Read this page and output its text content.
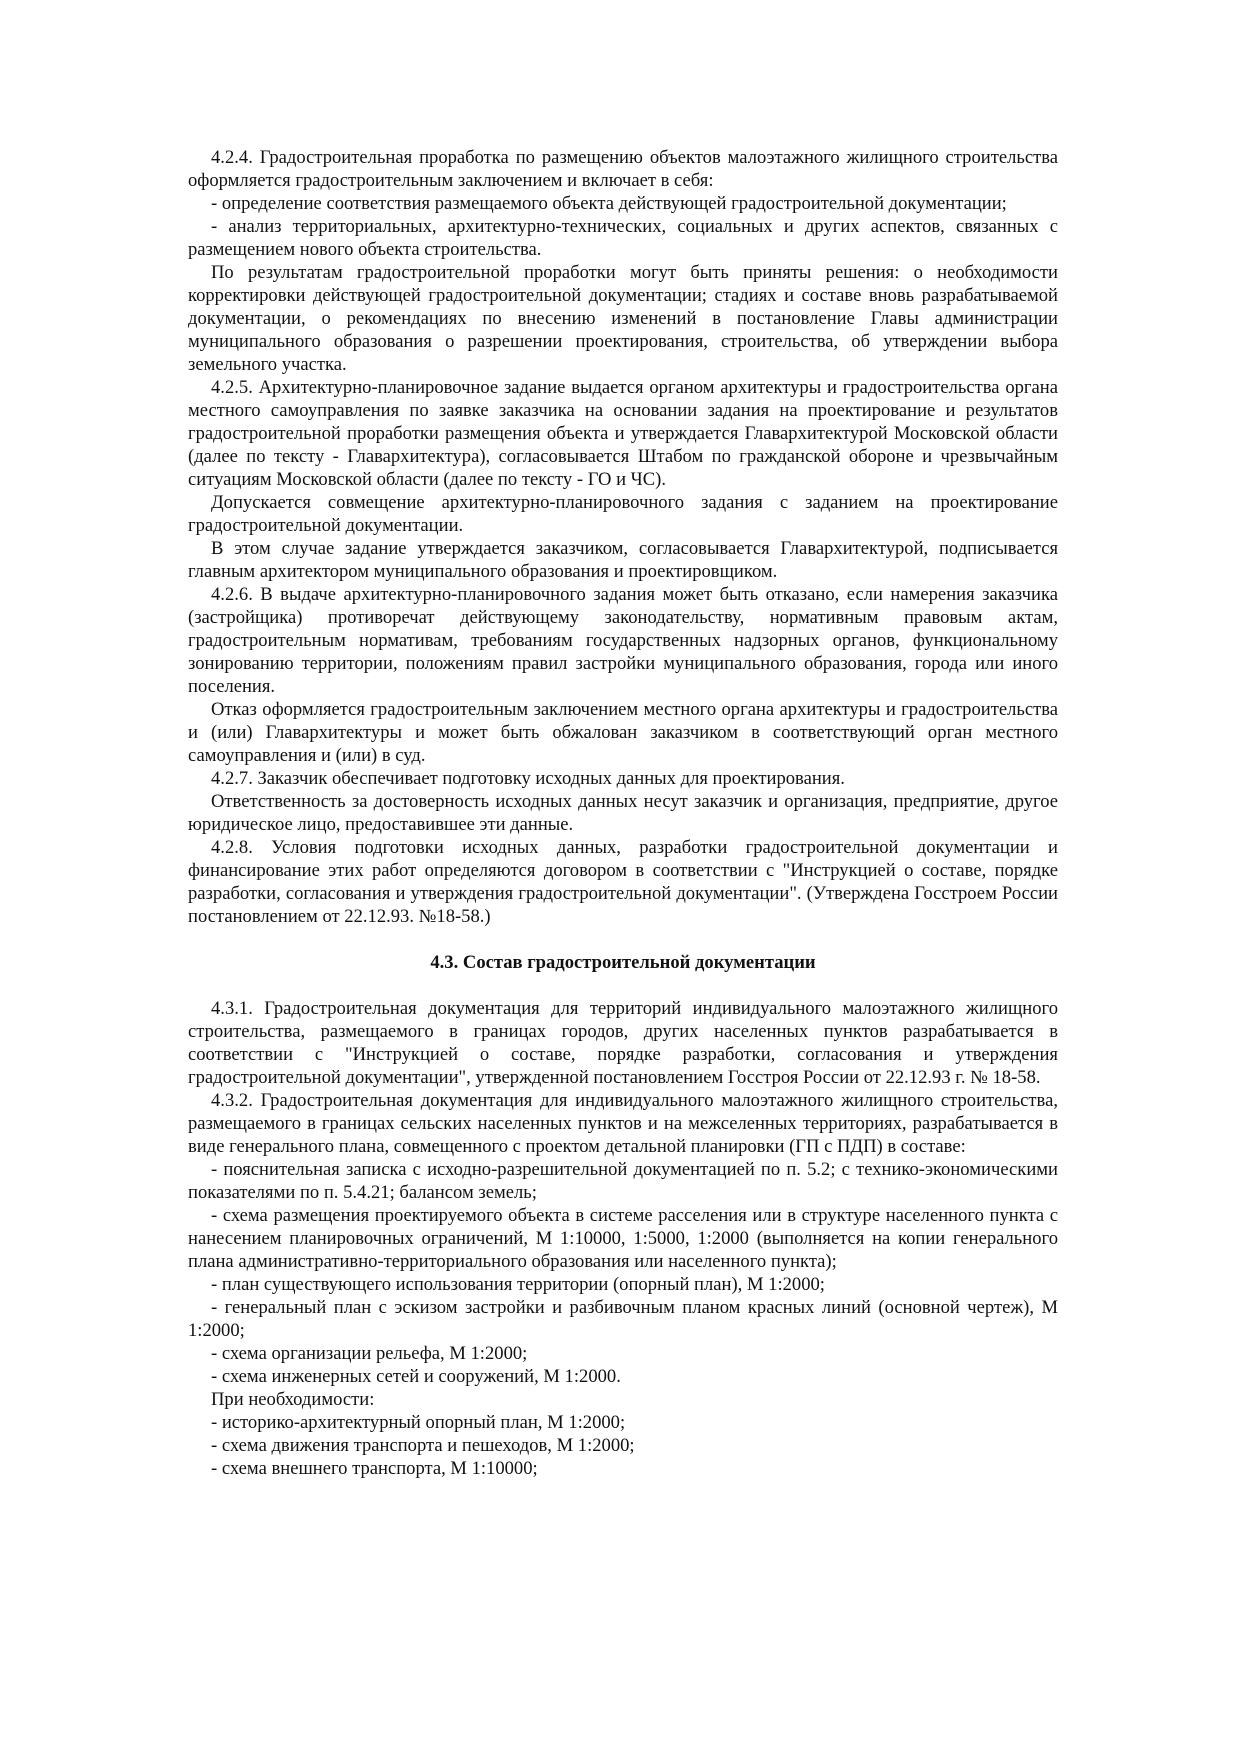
4.2.4. Градостроительная проработка по размещению объектов малоэтажного жилищного строительства оформляется градостроительным заключением и включает в себя:

- определение соответствия размещаемого объекта действующей градостроительной документации;

- анализ территориальных, архитектурно-технических, социальных и других аспектов, связанных с размещением нового объекта строительства.

По результатам градостроительной проработки могут быть приняты решения: о необходимости корректировки действующей градостроительной документации; стадиях и составе вновь разрабатываемой документации, о рекомендациях по внесению изменений в постановление Главы администрации муниципального образования о разрешении проектирования, строительства, об утверждении выбора земельного участка.

4.2.5. Архитектурно-планировочное задание выдается органом архитектуры и градостроительства органа местного самоуправления по заявке заказчика на основании задания на проектирование и результатов градостроительной проработки размещения объекта и утверждается Главархитектурой Московской области (далее по тексту - Главархитектура), согласовывается Штабом по гражданской обороне и чрезвычайным ситуациям Московской области (далее по тексту - ГО и ЧС).

Допускается совмещение архитектурно-планировочного задания с заданием на проектирование градостроительной документации.

В этом случае задание утверждается заказчиком, согласовывается Главархитектурой, подписывается главным архитектором муниципального образования и проектировщиком.

4.2.6. В выдаче архитектурно-планировочного задания может быть отказано, если намерения заказчика (застройщика) противоречат действующему законодательству, нормативным правовым актам, градостроительным нормативам, требованиям государственных надзорных органов, функциональному зонированию территории, положениям правил застройки муниципального образования, города или иного поселения.

Отказ оформляется градостроительным заключением местного органа архитектуры и градостроительства и (или) Главархитектуры и может быть обжалован заказчиком в соответствующий орган местного самоуправления и (или) в суд.

4.2.7. Заказчик обеспечивает подготовку исходных данных для проектирования.

Ответственность за достоверность исходных данных несут заказчик и организация, предприятие, другое юридическое лицо, предоставившее эти данные.

4.2.8. Условия подготовки исходных данных, разработки градостроительной документации и финансирование этих работ определяются договором в соответствии с "Инструкцией о составе, порядке разработки, согласования и утверждения градостроительной документации". (Утверждена Госстроем России постановлением от 22.12.93. №18-58.)

4.3. Состав градостроительной документации

4.3.1. Градостроительная документация для территорий индивидуального малоэтажного жилищного строительства, размещаемого в границах городов, других населенных пунктов разрабатывается в соответствии с "Инструкцией о составе, порядке разработки, согласования и утверждения градостроительной документации", утвержденной постановлением Госстроя России от 22.12.93 г. № 18-58.

4.3.2. Градостроительная документация для индивидуального малоэтажного жилищного строительства, размещаемого в границах сельских населенных пунктов и на межселенных территориях, разрабатывается в виде генерального плана, совмещенного с проектом детальной планировки (ГП с ПДП) в составе:

- пояснительная записка с исходно-разрешительной документацией по п. 5.2; с технико-экономическими показателями по п. 5.4.21; балансом земель;

- схема размещения проектируемого объекта в системе расселения или в структуре населенного пункта с нанесением планировочных ограничений, М 1:10000, 1:5000, 1:2000 (выполняется на копии генерального плана административно-территориального образования или населенного пункта);

- план существующего использования территории (опорный план), М 1:2000;

- генеральный план с эскизом застройки и разбивочным планом красных линий (основной чертеж), М 1:2000;

- схема организации рельефа, М 1:2000;

- схема инженерных сетей и сооружений, М 1:2000.

При необходимости:

- историко-архитектурный опорный план, М 1:2000;

- схема движения транспорта и пешеходов, М 1:2000;

- схема внешнего транспорта, М 1:10000;
